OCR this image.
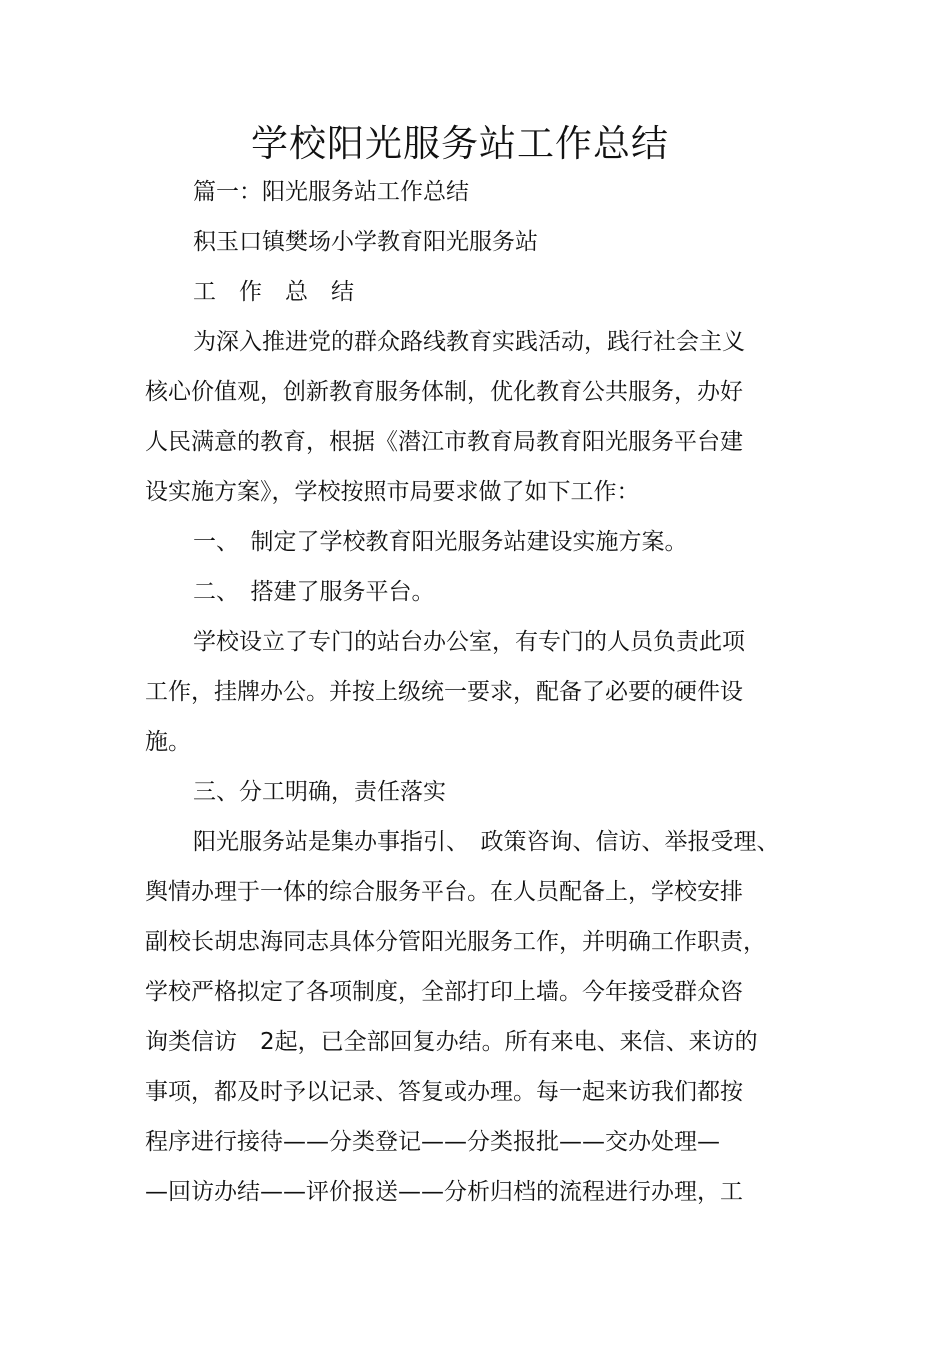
学校阳光服务站工作总结
篇一：阳光服务站工作总结
积玉口镇樊场小学教育阳光服务站
工　作　总　结
为深入推进党的群众路线教育实践活动，践行社会主义
核心价值观，创新教育服务体制，优化教育公共服务，办好
人民满意的教育，根据《潜江市教育局教育阳光服务平台建
设实施方案》，学校按照市局要求做了如下工作：
一、　制定了学校教育阳光服务站建设实施方案。
二、　搭建了服务平台。
学校设立了专门的站台办公室，有专门的人员负责此项
工作，挂牌办公。并按上级统一要求，配备了必要的硬件设
施。
三、分工明确，责任落实
阳光服务站是集办事指引、　政策咨询、信访、举报受理、
舆情办理于一体的综合服务平台。在人员配备上，学校安排
副校长胡忠海同志具体分管阳光服务工作，并明确工作职责，
学校严格拟定了各项制度，全部打印上墙。今年接受群众咨
询类信访　2起，已全部回复办结。所有来电、来信、来访的
事项，都及时予以记录、答复或办理。每一起来访我们都按
程序进行接待——分类登记——分类报批——交办处理—
—回访办结——评价报送——分析归档的流程进行办理，工
